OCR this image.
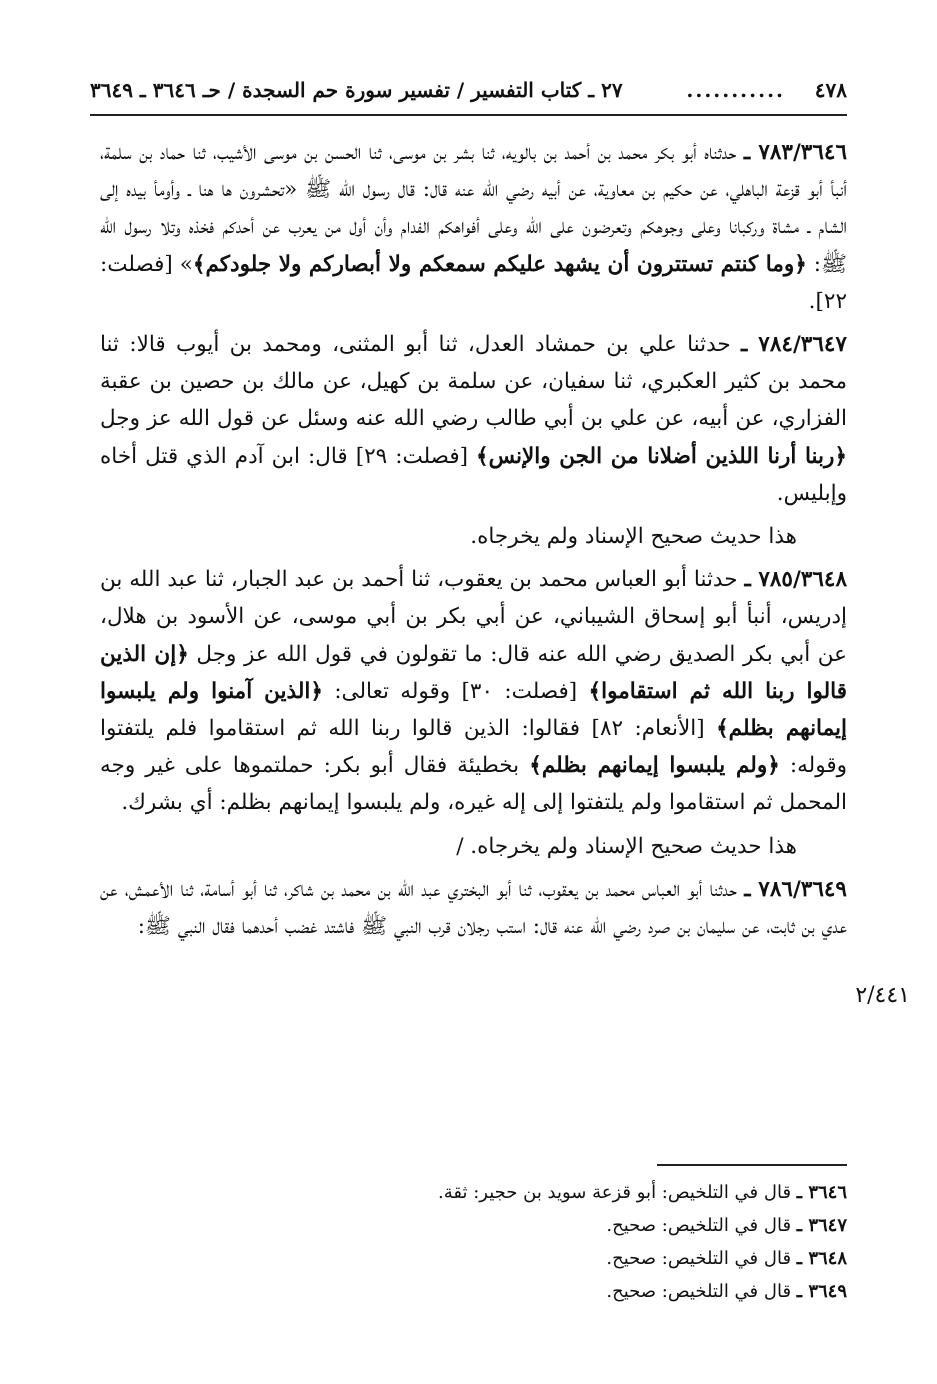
٤٧٨
...........
٢٧ ـ كتاب التفسير / تفسير سورة حم السجدة / حـ ٣٦٤٦ ـ ٣٦٤٩

٧٨٣/٣٦٤٦ ـ حدثناه أبو بكر محمد بن أحمد بن بالويه، ثنا بشر بن موسى، ثنا الحسن بن موسى الأشيب، ثنا حماد بن سلمة، أنبأ أبو قزعة الباهلي، عن حكيم بن معاوية، عن أبيه رضي الله عنه قال: قال رسول الله ﷺ «تحشرون ها هنا ـ وأومأ بيده إلى الشام ـ مشاة وركبانا وعلى وجوهكم وتعرضون على الله وعلى أفواهكم الفدام وأن أول من يعرب عن أحدكم فخذه وتلا رسول الله ﷺ: ﴿وما كنتم تستترون أن يشهد عليكم سمعكم ولا أبصاركم ولا جلودكم﴾» [فصلت: ٢٢].

٧٨٤/٣٦٤٧ ـ حدثنا علي بن حمشاد العدل، ثنا أبو المثنى، ومحمد بن أيوب قالا: ثنا محمد بن كثير العكبري، ثنا سفيان، عن سلمة بن كهيل، عن مالك بن حصين بن عقبة الفزاري، عن أبيه، عن علي بن أبي طالب رضي الله عنه وسئل عن قول الله عز وجل ﴿ربنا أرنا اللذين أضلانا من الجن والإنس﴾ [فصلت: ٢٩] قال: ابن آدم الذي قتل أخاه وإبليس.

هذا حديث صحيح الإسناد ولم يخرجاه.

٧٨٥/٣٦٤٨ ـ حدثنا أبو العباس محمد بن يعقوب، ثنا أحمد بن عبد الجبار، ثنا عبد الله بن إدريس، أنبأ أبو إسحاق الشيباني، عن أبي بكر بن أبي موسى، عن الأسود بن هلال، عن أبي بكر الصديق رضي الله عنه قال: ما تقولون في قول الله عز وجل ﴿إن الذين قالوا ربنا الله ثم استقاموا﴾ [فصلت: ٣٠] وقوله تعالى: ﴿الذين آمنوا ولم يلبسوا إيمانهم بظلم﴾ [الأنعام: ٨٢] فقالوا: الذين قالوا ربنا الله ثم استقاموا فلم يلتفتوا وقوله: ﴿ولم يلبسوا إيمانهم بظلم﴾ بخطيئة فقال أبو بكر: حملتموها على غير وجه المحمل ثم استقاموا ولم يلتفتوا إلى إله غيره، ولم يلبسوا إيمانهم بظلم: أي بشرك.

هذا حديث صحيح الإسناد ولم يخرجاه. /

٧٨٦/٣٦٤٩ ـ حدثنا أبو العباس محمد بن يعقوب، ثنا أبو البختري عبد الله بن محمد بن شاكر، ثنا أبو أسامة، ثنا الأعمش، عن عدي بن ثابت، عن سليمان بن صرد رضي الله عنه قال: استب رجلان قرب النبي ﷺ فاشتد غضب أحدهما فقال النبي ﷺ:

٢/٤٤١
٣٦٤٦ ـ قال في التلخيص: أبو قزعة سويد بن حجير: ثقة.
٣٦٤٧ ـ قال في التلخيص: صحيح.
٣٦٤٨ ـ قال في التلخيص: صحيح.
٣٦٤٩ ـ قال في التلخيص: صحيح.
